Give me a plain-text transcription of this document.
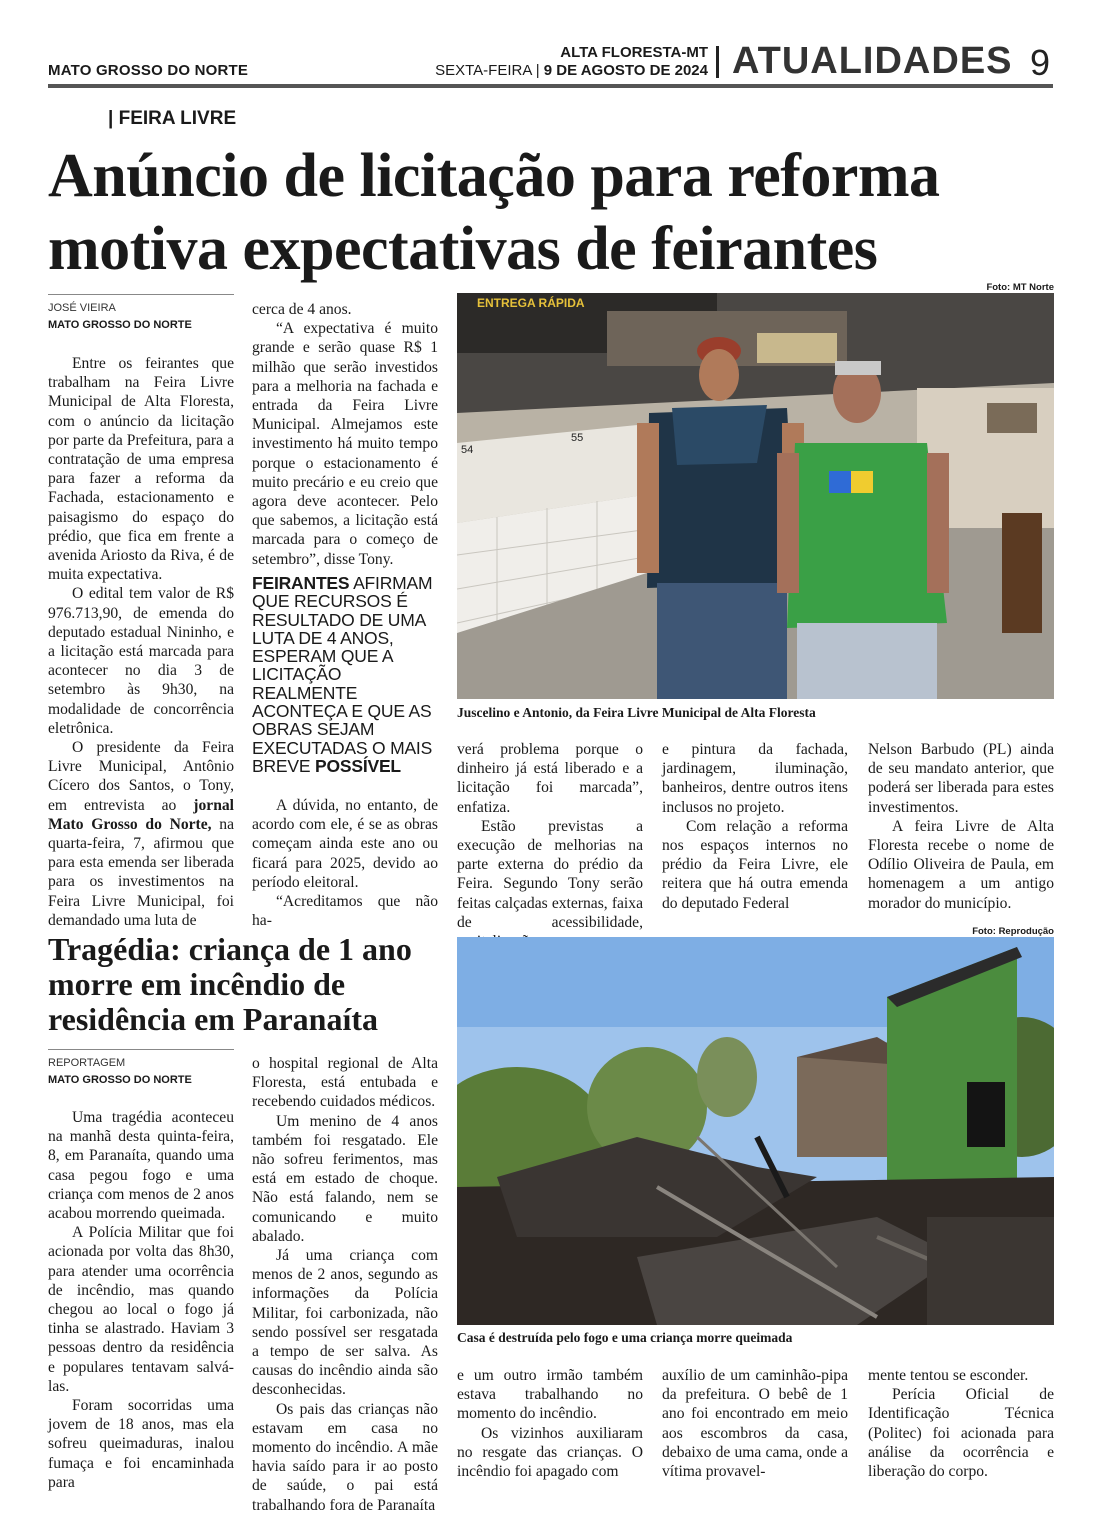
MATO GROSSO DO NORTE
ALTA FLORESTA-MT
SEXTA-FEIRA | 9 DE AGOSTO DE 2024 ATUALIDADES 9
| FEIRA LIVRE
Anúncio de licitação para reforma motiva expectativas de feirantes
JOSÉ VIEIRA
MATO GROSSO DO NORTE

Entre os feirantes que trabalham na Feira Livre Municipal de Alta Floresta, com o anúncio da licitação por parte da Prefeitura, para a contratação de uma empresa para fazer a reforma da Fachada, estacionamento e paisagismo do espaço do prédio, que fica em frente a avenida Ariosto da Riva, é de muita expectativa.

O edital tem valor de R$ 976.713,90, de emenda do deputado estadual Nininho, e a licitação está marcada para acontecer no dia 3 de setembro às 9h30, na modalidade de concorrência eletrônica.

O presidente da Feira Livre Municipal, Antônio Cícero dos Santos, o Tony, em entrevista ao jornal Mato Grosso do Norte, na quarta-feira, 7, afirmou que para esta emenda ser liberada para os investimentos na Feira Livre Municipal, foi demandado uma luta de

cerca de 4 anos.

“A expectativa é muito grande e serão quase R$ 1 milhão que serão investidos para a melhoria na fachada e entrada da Feira Livre Municipal. Almejamos este investimento há muito tempo porque o estacionamento é muito precário e eu creio que agora deve acontecer. Pelo que sabemos, a licitação está marcada para o começo de setembro”, disse Tony.

FEIRANTES AFIRMAM QUE RECURSOS É RESULTADO DE UMA LUTA DE 4 ANOS, ESPERAM QUE A LICITAÇÃO REALMENTE ACONTEÇA E QUE AS OBRAS SEJAM EXECUTADAS O MAIS BREVE POSSÍVEL

A dúvida, no entanto, de acordo com ele, é se as obras começam ainda este ano ou ficará para 2025, devido ao período eleitoral.

“Acreditamos que não ha-

Foto: MT Norte
ENTREGA RÁPIDA
54
55
Juscelino e Antonio, da Feira Livre Municipal de Alta Floresta

verá problema porque o dinheiro já está liberado e a licitação foi marcada”, enfatiza.

Estão previstas a execução de melhorias na parte externa do prédio da Feira. Segundo Tony serão feitas calçadas externas, faixa de acessibilidade,

e pintura da fachada, jardinagem, iluminação, banheiros, dentre outros itens inclusos no projeto.

Com relação a reforma nos espaços internos no prédio da Feira Livre, ele reitera que há outra emenda do deputado Federal

Nelson Barbudo (PL) ainda de seu mandato anterior, que poderá ser liberada para estes investimentos.

A feira Livre de Alta Floresta recebe o nome de Odílio Oliveira de Paula, em homenagem a um antigo morador do município.

Tragédia: criança de 1 ano morre em incêndio de residência em Paranaíta
REPORTAGEM
MATO GROSSO DO NORTE

Uma tragédia aconteceu na manhã desta quinta-feira, 8, em Paranaíta, quando uma casa pegou fogo e uma criança com menos de 2 anos acabou morrendo queimada.

A Polícia Militar que foi acionada por volta das 8h30, para atender uma ocorrência de incêndio, mas quando chegou ao local o fogo já tinha se alastrado. Haviam 3 pessoas dentro da residência e populares tentavam salvá-las.

Foram socorridas uma jovem de 18 anos, mas ela sofreu queimaduras, inalou fumaça e foi encaminhada para

o hospital regional de Alta Floresta, está entubada e recebendo cuidados médicos.

Um menino de 4 anos também foi resgatado. Ele não sofreu ferimentos, mas está em estado de choque. Não está falando, nem se comunicando e muito abalado.

Já uma criança com menos de 2 anos, segundo as informações da Polícia Militar, foi carbonizada, não sendo possível ser resgatada a tempo de ser salva. As causas do incêndio ainda são desconhecidas.

Os pais das crianças não estavam em casa no momento do incêndio. A mãe havia saído para ir ao posto de saúde, o pai está trabalhando fora de Paranaíta

Foto: Reprodução
Casa é destruída pelo fogo e uma criança morre queimada

e um outro irmão também estava trabalhando no momento do incêndio.

Os vizinhos auxiliaram no resgate das crianças. O incêndio foi apagado com

auxílio de um caminhão-pipa da prefeitura. O bebê de 1 ano foi encontrado em meio aos escombros da casa, debaixo de uma cama, onde a vítima provavel-

mente tentou se esconder.

Perícia Oficial de Identificação Técnica (Politec) foi acionada para análise da ocorrência e liberação do corpo.
